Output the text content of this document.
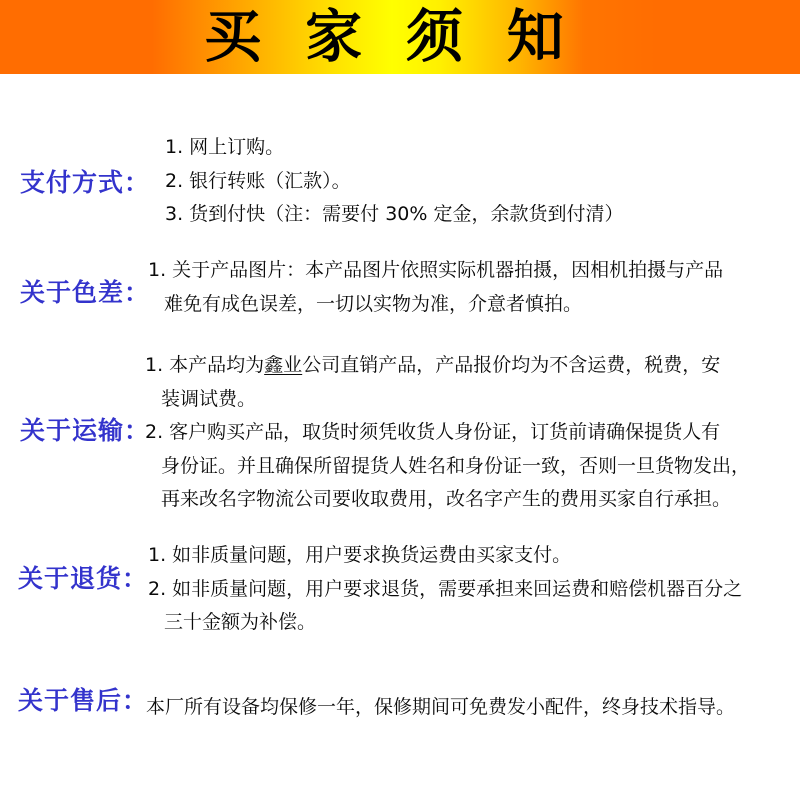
买 家 须 知
支付方式：
1. 网上订购。
2. 银行转账（汇款）。
3. 货到付快（注：需要付 30% 定金，余款货到付清）
关于色差：
1. 关于产品图片：本产品图片依照实际机器拍摄，因相机拍摄与产品
难免有成色误差，一切以实物为准，介意者慎拍。
关于运输：
1. 本产品均为鑫业公司直销产品，产品报价均为不含运费，税费，安
装调试费。
2. 客户购买产品，取货时须凭收货人身份证，订货前请确保提货人有
身份证。并且确保所留提货人姓名和身份证一致，否则一旦货物发出，
再来改名字物流公司要收取费用，改名字产生的费用买家自行承担。
关于退货：
1. 如非质量问题，用户要求换货运费由买家支付。
2. 如非质量问题，用户要求退货，需要承担来回运费和赔偿机器百分之
三十金额为补偿。
关于售后：
本厂所有设备均保修一年，保修期间可免费发小配件，终身技术指导。
